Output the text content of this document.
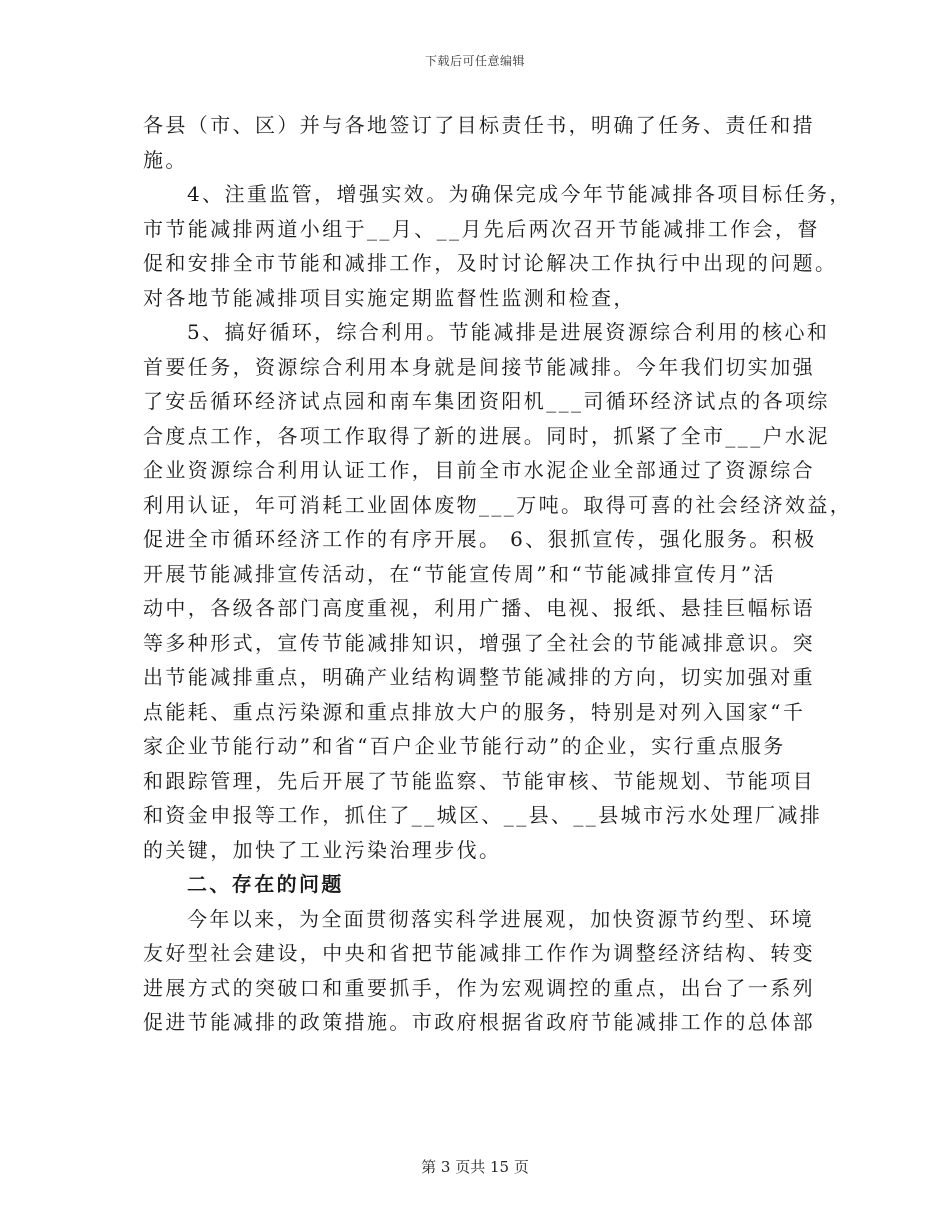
下载后可任意编辑
各县（市、区）并与各地签订了目标责任书，明确了任务、责任和措
施。
4、注重监管，增强实效。为确保完成今年节能减排各项目标任务，
市节能减排两道小组于__月、__月先后两次召开节能减排工作会，督
促和安排全市节能和减排工作，及时讨论解决工作执行中出现的问题。
对各地节能减排项目实施定期监督性监测和检查，
5、搞好循环，综合利用。节能减排是进展资源综合利用的核心和
首要任务，资源综合利用本身就是间接节能减排。今年我们切实加强
了安岳循环经济试点园和南车集团资阳机___司循环经济试点的各项综
合度点工作，各项工作取得了新的进展。同时，抓紧了全市___户水泥
企业资源综合利用认证工作，目前全市水泥企业全部通过了资源综合
利用认证，年可消耗工业固体废物___万吨。取得可喜的社会经济效益，
促进全市循环经济工作的有序开展。 6、狠抓宣传，强化服务。积极
开展节能减排宣传活动，在“节能宣传周”和“节能减排宣传月”活
动中，各级各部门高度重视，利用广播、电视、报纸、悬挂巨幅标语
等多种形式，宣传节能减排知识，增强了全社会的节能减排意识。突
出节能减排重点，明确产业结构调整节能减排的方向，切实加强对重
点能耗、重点污染源和重点排放大户的服务，特别是对列入国家“千
家企业节能行动”和省“百户企业节能行动”的企业，实行重点服务
和跟踪管理，先后开展了节能监察、节能审核、节能规划、节能项目
和资金申报等工作，抓住了__城区、__县、__县城市污水处理厂减排
的关键，加快了工业污染治理步伐。
二、存在的问题
今年以来，为全面贯彻落实科学进展观，加快资源节约型、环境
友好型社会建设，中央和省把节能减排工作作为调整经济结构、转变
进展方式的突破口和重要抓手，作为宏观调控的重点，出台了一系列
促进节能减排的政策措施。市政府根据省政府节能减排工作的总体部
第 3 页共 15 页
